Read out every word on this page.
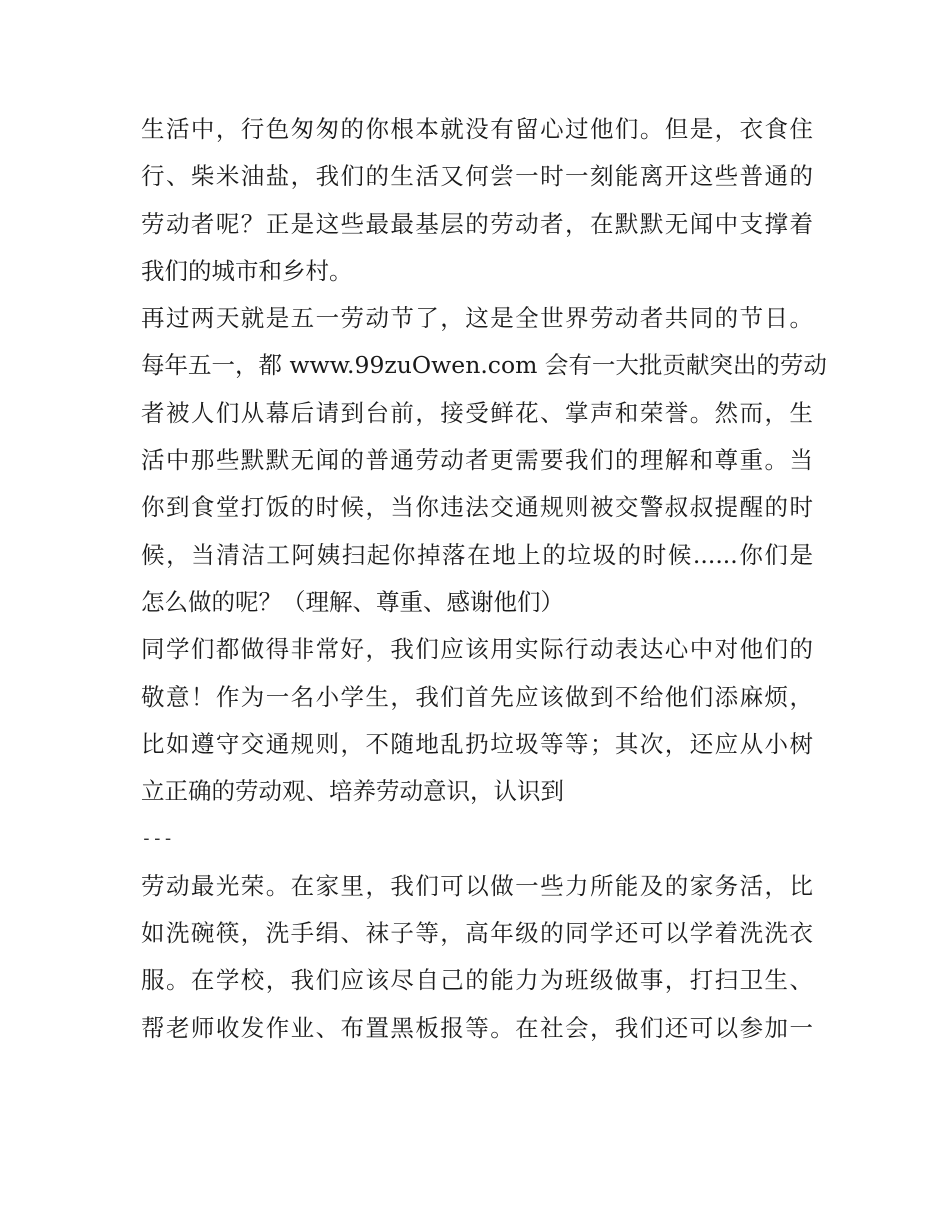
生活中，行色匆匆的你根本就没有留心过他们。但是，衣食住
行、柴米油盐，我们的生活又何尝一时一刻能离开这些普通的
劳动者呢？正是这些最最基层的劳动者，在默默无闻中支撑着
我们的城市和乡村。
再过两天就是五一劳动节了，这是全世界劳动者共同的节日。
每年五一，都 www.99zuOwen.com 会有一大批贡献突出的劳动
者被人们从幕后请到台前，接受鲜花、掌声和荣誉。然而，生
活中那些默默无闻的普通劳动者更需要我们的理解和尊重。当
你到食堂打饭的时候，当你违法交通规则被交警叔叔提醒的时
候，当清洁工阿姨扫起你掉落在地上的垃圾的时候......你们是
怎么做的呢？（理解、尊重、感谢他们）
同学们都做得非常好，我们应该用实际行动表达心中对他们的
敬意！作为一名小学生，我们首先应该做到不给他们添麻烦，
比如遵守交通规则，不随地乱扔垃圾等等；其次，还应从小树
立正确的劳动观、培养劳动意识，认识到
---
劳动最光荣。在家里，我们可以做一些力所能及的家务活，比
如洗碗筷，洗手绢、袜子等，高年级的同学还可以学着洗洗衣
服。在学校，我们应该尽自己的能力为班级做事，打扫卫生、
帮老师收发作业、布置黑板报等。在社会，我们还可以参加一
